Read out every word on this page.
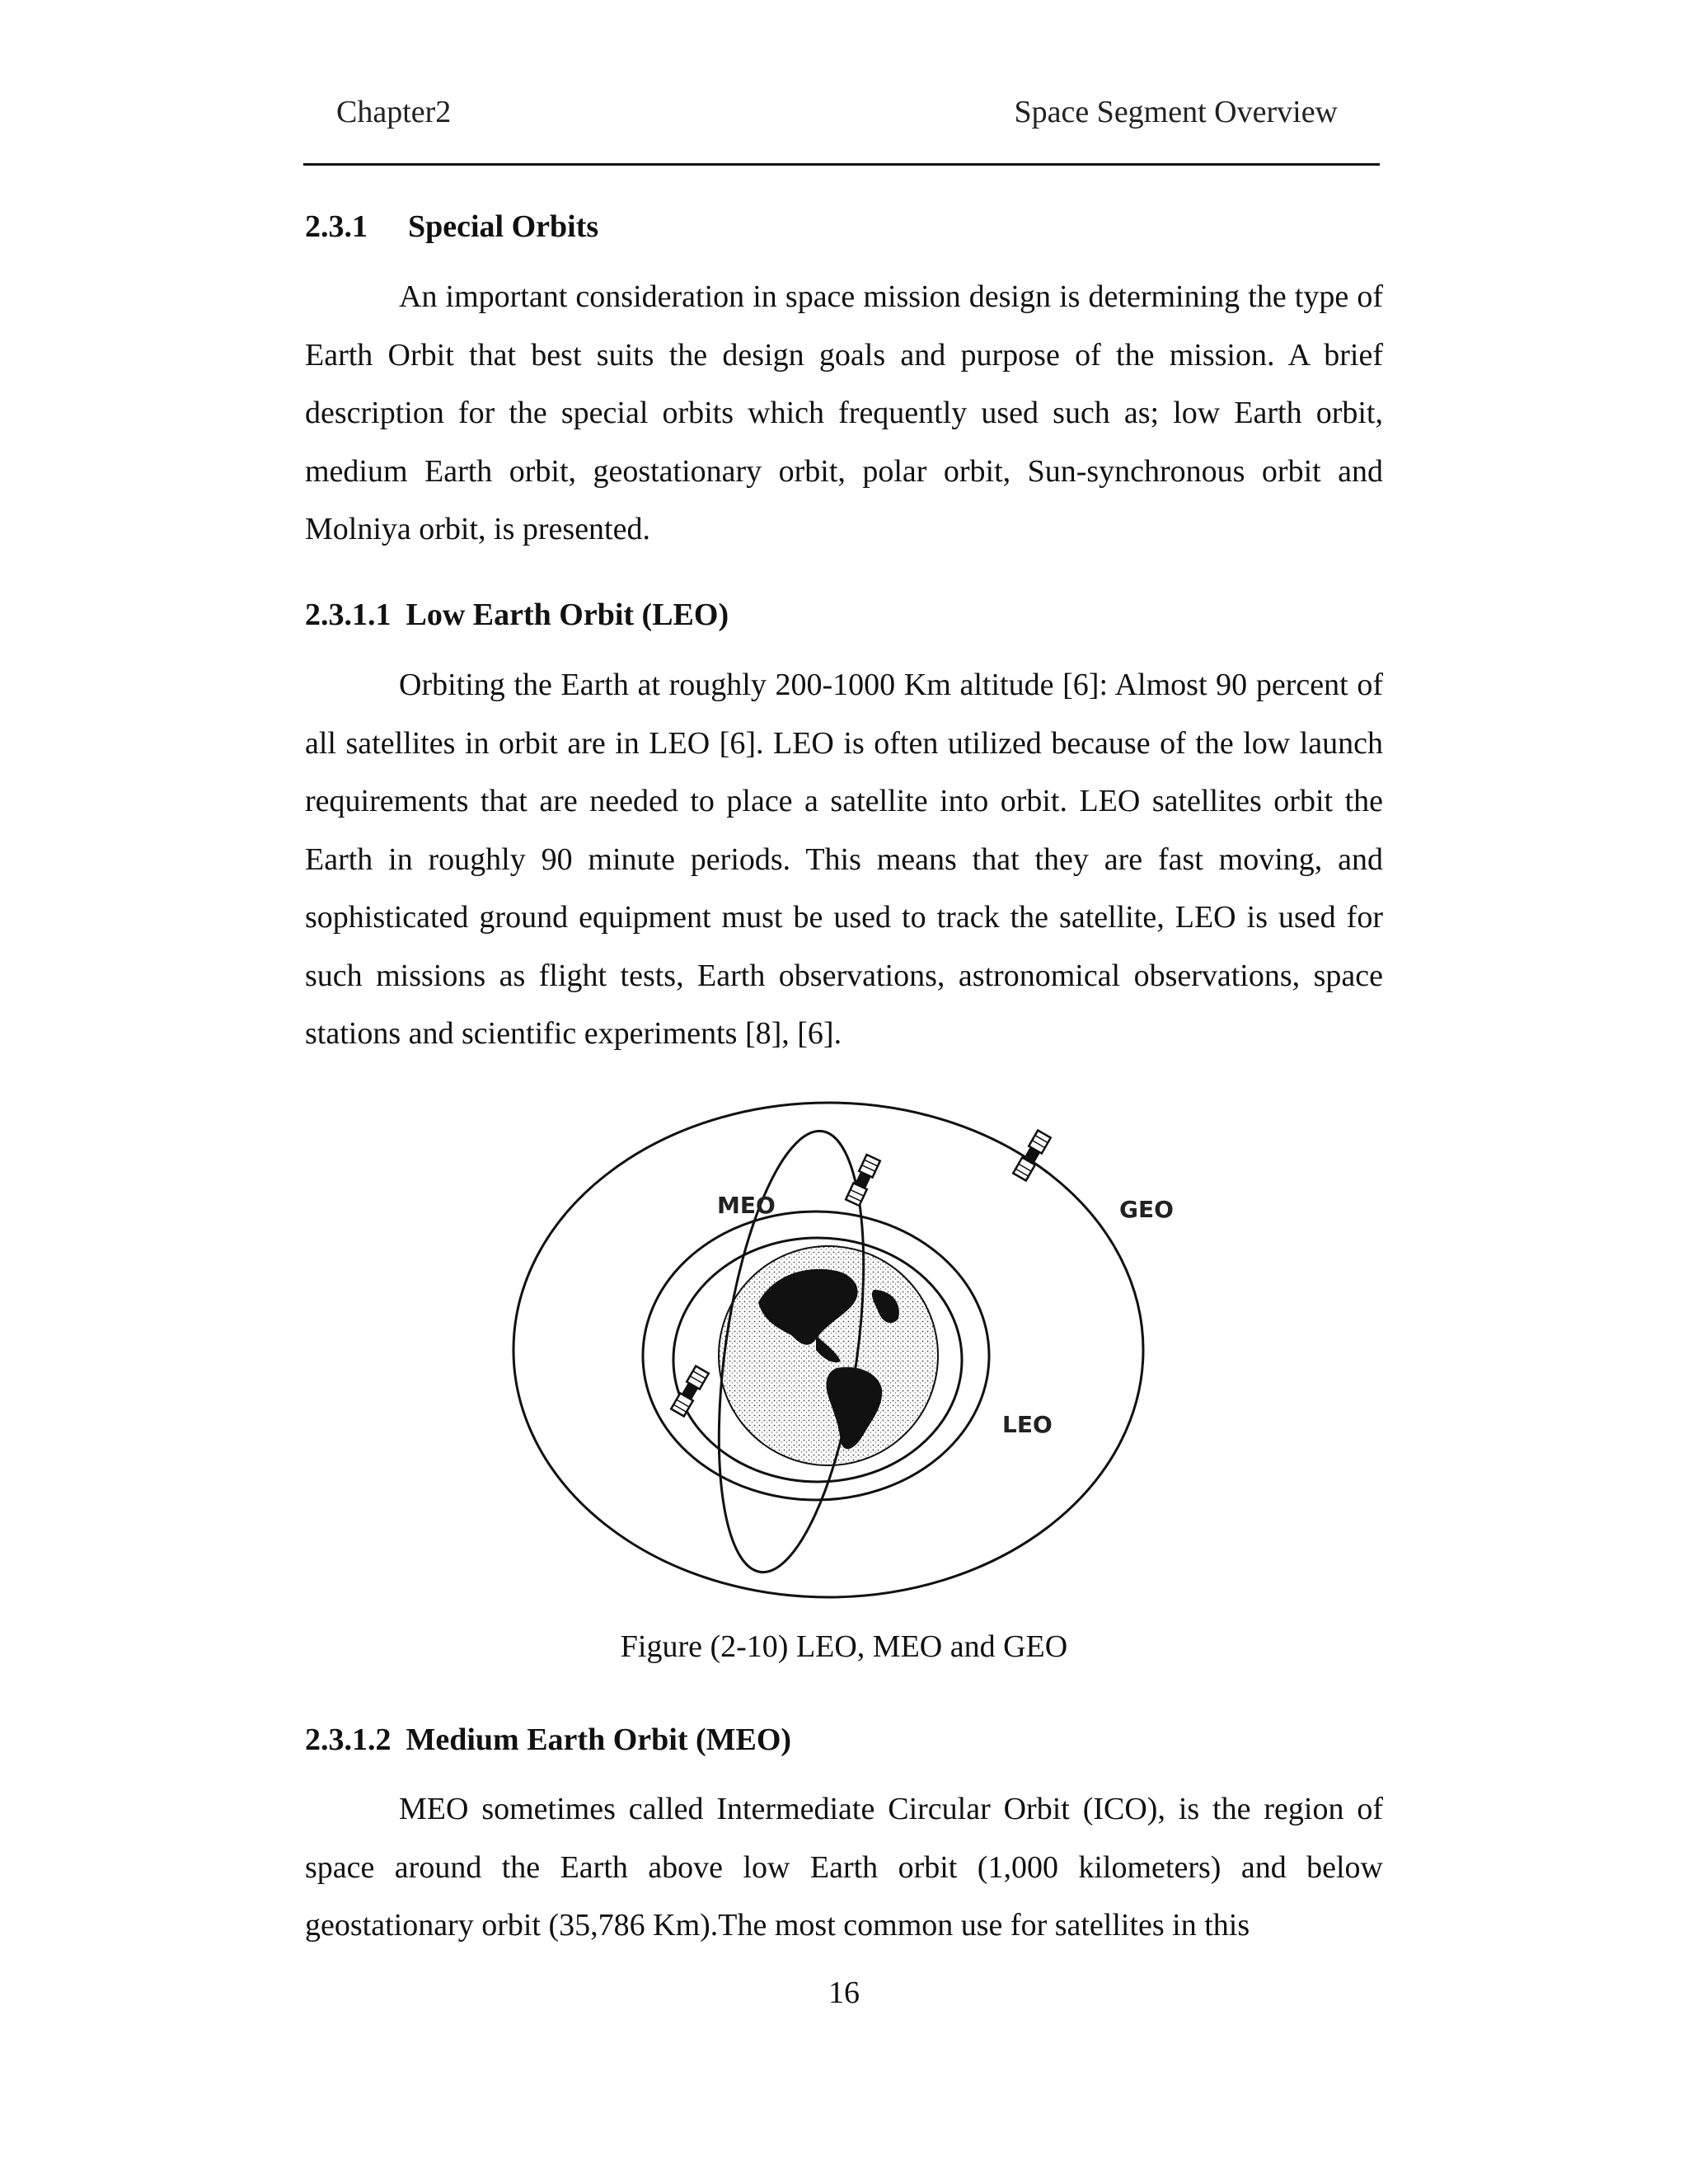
Chapter2	Space Segment Overview
2.3.1 Special Orbits

An important consideration in space mission design is determining the type of Earth Orbit that best suits the design goals and purpose of the mission. A brief description for the special orbits which frequently used such as; low Earth orbit, medium Earth orbit, geostationary orbit, polar orbit, Sun-synchronous orbit and Molniya orbit, is presented.

2.3.1.1 Low Earth Orbit (LEO)

Orbiting the Earth at roughly 200-1000 Km altitude [6]: Almost 90 percent of all satellites in orbit are in LEO [6]. LEO is often utilized because of the low launch requirements that are needed to place a satellite into orbit. LEO satellites orbit the Earth in roughly 90 minute periods. This means that they are fast moving, and sophisticated ground equipment must be used to track the satellite, LEO is used for such missions as flight tests, Earth observations, astronomical observations, space stations and scientific experiments [8], [6].

MEO	GEO
LEO
Figure (2-10) LEO, MEO and GEO
2.3.1.2 Medium Earth Orbit (MEO)

MEO sometimes called Intermediate Circular Orbit (ICO), is the region of space around the Earth above low Earth orbit (1,000 kilometers) and below geostationary orbit (35,786 Km).The most common use for satellites in this

16
